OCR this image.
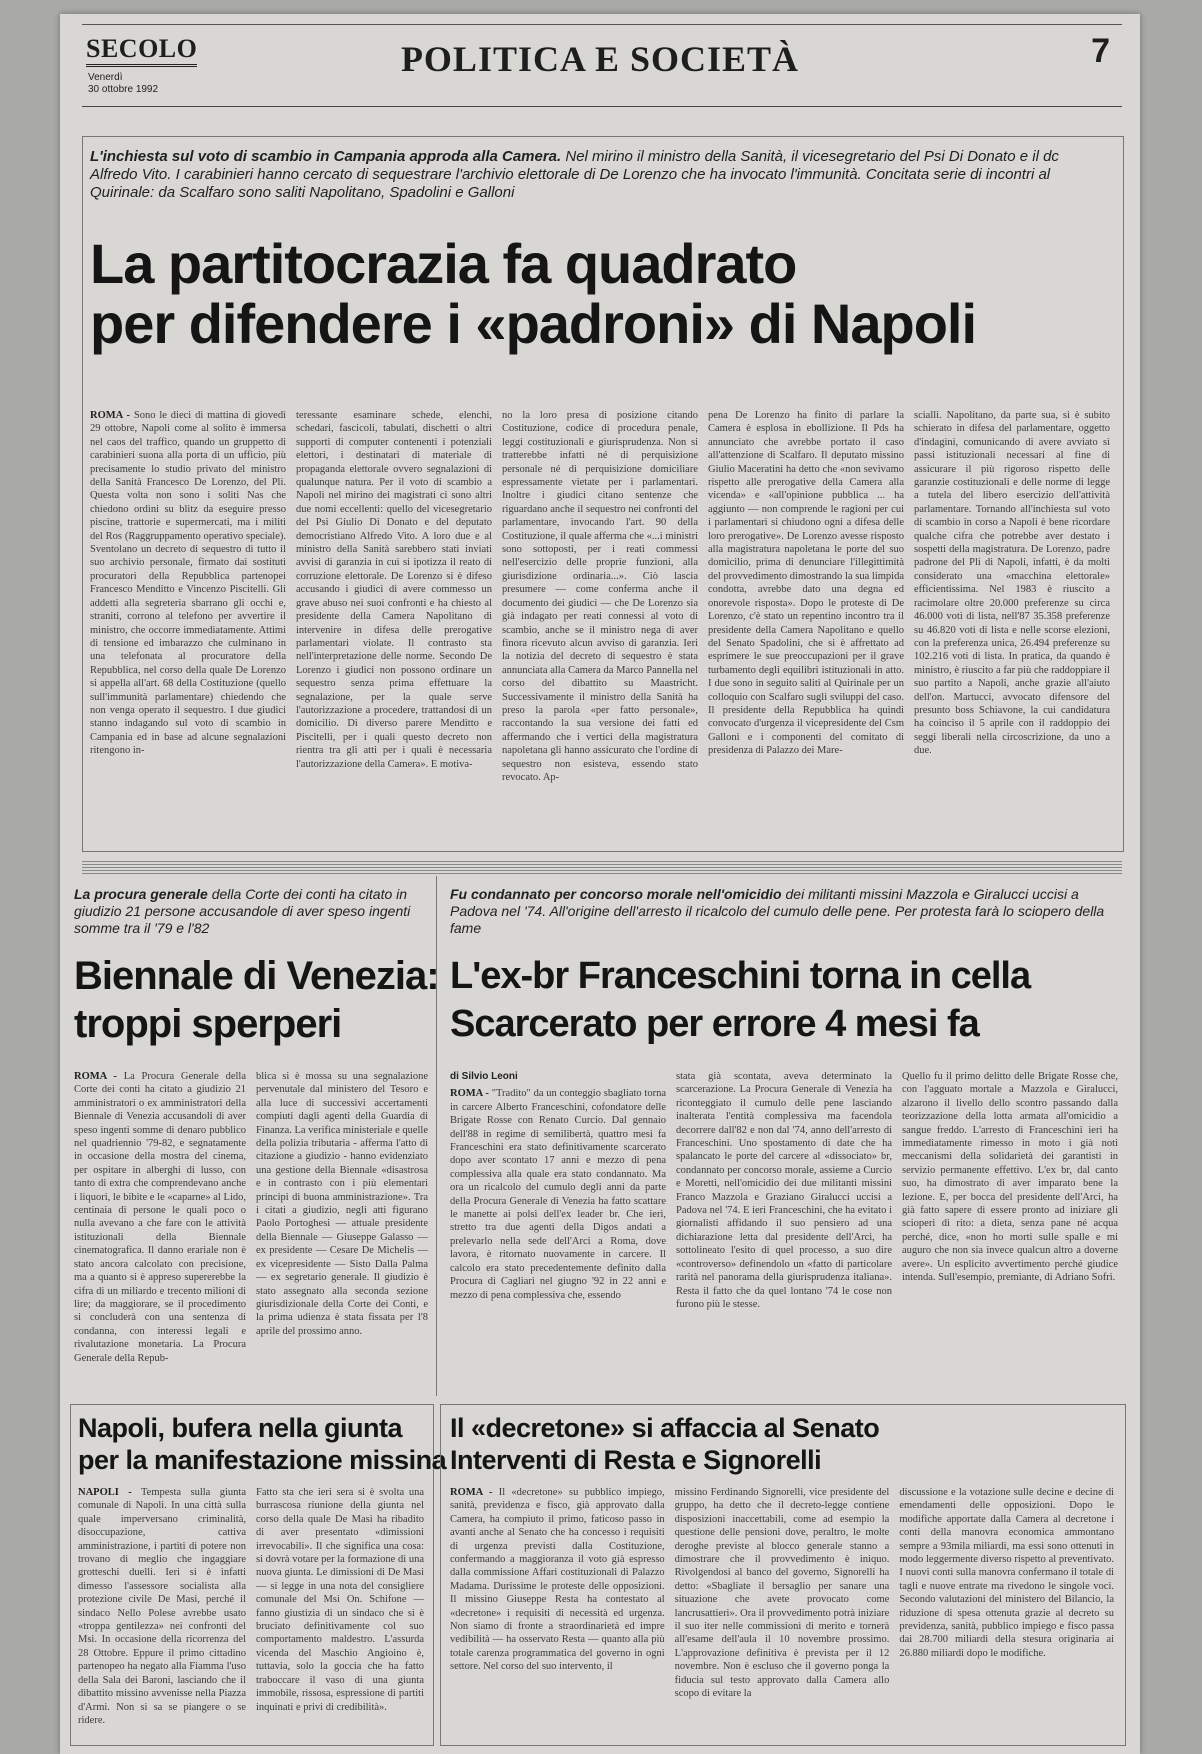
SECOLO
Venerdì
30 ottobre 1992
POLITICA E SOCIETÀ	7
L'inchiesta sul voto di scambio in Campania approda alla Camera. Nel mirino il ministro della Sanità, il vicesegretario del Psi Di Donato e il dc Alfredo Vito. I carabinieri hanno cercato di sequestrare l'archivio elettorale di De Lorenzo che ha invocato l'immunità. Concitata serie di incontri al Quirinale: da Scalfaro sono saliti Napolitano, Spadolini e Galloni
La partitocrazia fa quadrato
per difendere i «padroni» di Napoli
ROMA - Sono le dieci di mattina di giovedì 29 ottobre, Napoli come al solito è immersa nel caos del traffico, quando un gruppetto di carabinieri suona alla porta di un ufficio, più precisamente lo studio privato del ministro della Sanità Francesco De Lorenzo, del Pli. Questa volta non sono i soliti Nas che chiedono ordini su blitz da eseguire presso piscine, trattorie e supermercati, ma i militi del Ros (Raggruppamento operativo speciale). Sventolano un decreto di sequestro di tutto il suo archivio personale, firmato dai sostituti procuratori della Repubblica partenopei Francesco Menditto e Vincenzo Piscitelli. Gli addetti alla segreteria sbarrano gli occhi e, straniti, corrono al telefono per avvertire il ministro, che occorre immediatamente. Attimi di tensione ed imbarazzo che culminano in una telefonata al procuratore della Repubblica, nel corso della quale De Lorenzo si appella all'art. 68 della Costituzione (quello sull'immunità parlamentare) chiedendo che non venga operato il sequestro. I due giudici stanno indagando sul voto di scambio in Campania ed in base ad alcune segnalazioni ritengono in-
teressante esaminare schede, elenchi, schedari, fascicoli, tabulati, dischetti o altri supporti di computer contenenti i potenziali elettori, i destinatari di materiale di propaganda elettorale ovvero segnalazioni di qualunque natura. Per il voto di scambio a Napoli nel mirino dei magistrati ci sono altri due nomi eccellenti: quello del vicesegretario del Psi Giulio Di Donato e del deputato democristiano Alfredo Vito. A loro due e al ministro della Sanità sarebbero stati inviati avvisi di garanzia in cui si ipotizza il reato di corruzione elettorale. De Lorenzo si è difeso accusando i giudici di avere commesso un grave abuso nei suoi confronti e ha chiesto al presidente della Camera Napolitano di intervenire in difesa delle prerogative parlamentari violate. Il contrasto sta nell'interpretazione delle norme. Secondo De Lorenzo i giudici non possono ordinare un sequestro senza prima effettuare la segnalazione, per la quale serve l'autorizzazione a procedere, trattandosi di un domicilio. Di diverso parere Menditto e Piscitelli, per i quali questo decreto non rientra tra gli atti per i quali è necessaria l'autorizzazione della Camera». E motiva-
no la loro presa di posizione citando Costituzione, codice di procedura penale, leggi costituzionali e giurisprudenza. Non si tratterebbe infatti né di perquisizione personale né di perquisizione domiciliare espressamente vietate per i parlamentari. Inoltre i giudici citano sentenze che riguardano anche il sequestro nei confronti del parlamentare, invocando l'art. 90 della Costituzione, il quale afferma che «...i ministri sono sottoposti, per i reati commessi nell'esercizio delle proprie funzioni, alla giurisdizione ordinaria...». Ciò lascia presumere — come conferma anche il documento dei giudici — che De Lorenzo sia già indagato per reati connessi al voto di scambio, anche se il ministro nega di aver finora ricevuto alcun avviso di garanzia. Ieri la notizia del decreto di sequestro è stata annunciata alla Camera da Marco Pannella nel corso del dibattito su Maastricht. Successivamente il ministro della Sanità ha preso la parola «per fatto personale», raccontando la sua versione dei fatti ed affermando che i vertici della magistratura napoletana gli hanno assicurato che l'ordine di sequestro non esisteva, essendo stato revocato. Ap-
pena De Lorenzo ha finito di parlare la Camera è esplosa in ebollizione. Il Pds ha annunciato che avrebbe portato il caso all'attenzione di Scalfaro. Il deputato missino Giulio Maceratini ha detto che «non sevivamo rispetto alle prerogative della Camera alla vicenda» e «all'opinione pubblica ... ha aggiunto — non comprende le ragioni per cui i parlamentari si chiudono ogni a difesa delle loro prerogative». De Lorenzo avesse risposto alla magistratura napoletana le porte del suo domicilio, prima di denunciare l'illegittimità del provvedimento dimostrando la sua limpida condotta, avrebbe dato una degna ed onorevole risposta». Dopo le proteste di De Lorenzo, c'è stato un repentino incontro tra il presidente della Camera Napolitano e quello del Senato Spadolini, che si è affrettato ad esprimere le sue preoccupazioni per il grave turbamento degli equilibri istituzionali in atto. I due sono in seguito saliti al Quirinale per un colloquio con Scalfaro sugli sviluppi del caso. Il presidente della Repubblica ha quindi convocato d'urgenza il vicepresidente del Csm Galloni e i componenti del comitato di presidenza di Palazzo dei Mare-
scialli. Napolitano, da parte sua, si è subito schierato in difesa del parlamentare, oggetto d'indagini, comunicando di avere avviato sì passi istituzionali necessari al fine di assicurare il più rigoroso rispetto delle garanzie costituzionali e delle norme di legge a tutela del libero esercizio dell'attività parlamentare. Tornando all'inchiesta sul voto di scambio in corso a Napoli è bene ricordare qualche cifra che potrebbe aver destato i sospetti della magistratura. De Lorenzo, padre padrone del Pli di Napoli, infatti, è da molti considerato una «macchina elettorale» efficientissima. Nel 1983 è riuscito a racimolare oltre 20.000 preferenze su circa 46.000 voti di lista, nell'87 35.358 preferenze su 46.820 voti di lista e nelle scorse elezioni, con la preferenza unica, 26.494 preferenze su 102.216 voti di lista. In pratica, da quando è ministro, è riuscito a far più che raddoppiare il suo partito a Napoli, anche grazie all'aiuto dell'on. Martucci, avvocato difensore del presunto boss Schiavone, la cui candidatura ha coinciso il 5 aprile con il raddoppio dei seggi liberali nella circoscrizione, da uno a due.
La procura generale della Corte dei conti ha citato in giudizio 21 persone accusandole di aver speso ingenti somme tra il '79 e l'82
Biennale di Venezia:
troppi sperperi
ROMA - La Procura Generale della Corte dei conti ha citato a giudizio 21 amministratori o ex amministratori della Biennale di Venezia accusandoli di aver speso ingenti somme di denaro pubblico nel quadriennio '79-82, e segnatamente in occasione della mostra del cinema, per ospitare in alberghi di lusso, con tanto di extra che comprendevano anche i liquori, le bibite e le «caparne» al Lido, centinaia di persone le quali poco o nulla avevano a che fare con le attività istituzionali della Biennale cinematografica. Il danno erariale non è stato ancora calcolato con precisione, ma a quanto si è appreso supererebbe la cifra di un miliardo e trecento milioni di lire; da maggiorare, se il procedimento si concluderà con una sentenza di condanna, con interessi legali e rivalutazione monetaria. La Procura Generale della Repub-
blica si è mossa su una segnalazione pervenutale dal ministero del Tesoro e alla luce di successivi accertamenti compiuti dagli agenti della Guardia di Finanza. La verifica ministeriale e quelle della polizia tributaria - afferma l'atto di citazione a giudizio - hanno evidenziato una gestione della Biennale «disastrosa e in contrasto con i più elementari principi di buona amministrazione». Tra i citati a giudizio, negli atti figurano Paolo Portoghesi — attuale presidente della Biennale — Giuseppe Galasso — ex presidente — Cesare De Michelis — ex vicepresidente — Sisto Dalla Palma — ex segretario generale. Il giudizio è stato assegnato alla seconda sezione giurisdizionale della Corte dei Conti, e la prima udienza è stata fissata per l'8 aprile del prossimo anno.
Fu condannato per concorso morale nell'omicidio dei militanti missini Mazzola e Giralucci uccisi a Padova nel '74. All'origine dell'arresto il ricalcolo del cumulo delle pene. Per protesta farà lo sciopero della fame
L'ex-br Franceschini torna in cella
Scarcerato per errore 4 mesi fa
di Silvio Leoni
ROMA - "Tradito" da un conteggio sbagliato torna in carcere Alberto Franceschini, cofondatore delle Brigate Rosse con Renato Curcio. Dal gennaio dell'88 in regime di semilibertà, quattro mesi fa Franceschini era stato definitivamente scarcerato dopo aver scontato 17 anni e mezzo di pena complessiva alla quale era stato condannato. Ma ora un ricalcolo del cumulo degli anni da parte della Procura Generale di Venezia ha fatto scattare le manette ai polsi dell'ex leader br. Che ieri, stretto tra due agenti della Digos andati a prelevarlo nella sede dell'Arci a Roma, dove lavora, è ritornato nuovamente in carcere. Il calcolo era stato precedentemente definito dalla Procura di Cagliari nel giugno '92 in 22 anni e mezzo di pena complessiva che, essendo
stata già scontata, aveva determinato la scarcerazione. La Procura Generale di Venezia ha riconteggiato il cumulo delle pene lasciando inalterata l'entità complessiva ma facendola decorrere dall'82 e non dal '74, anno dell'arresto di Franceschini. Uno spostamento di date che ha spalancato le porte del carcere al «dissociato» br, condannato per concorso morale, assieme a Curcio e Moretti, nell'omicidio dei due militanti missini Franco Mazzola e Graziano Giralucci uccisi a Padova nel '74. E ieri Franceschini, che ha evitato i giornalisti affidando il suo pensiero ad una dichiarazione letta dal presidente dell'Arci, ha sottolineato l'esito di quel processo, a suo dire «controverso» definendolo un «fatto di particolare rarità nel panorama della giurisprudenza italiana». Resta il fatto che da quel lontano '74 le cose non furono più le stesse.
Quello fu il primo delitto delle Brigate Rosse che, con l'agguato mortale a Mazzola e Giralucci, alzarono il livello dello scontro passando dalla teorizzazione della lotta armata all'omicidio a sangue freddo. L'arresto di Franceschini ieri ha immediatamente rimesso in moto i già noti meccanismi della solidarietà dei garantisti in servizio permanente effettivo. L'ex br, dal canto suo, ha dimostrato di aver imparato bene la lezione. E, per bocca del presidente dell'Arci, ha già fatto sapere di essere pronto ad iniziare gli scioperi di rito: a dieta, senza pane né acqua perché, dice, «non ho morti sulle spalle e mi auguro che non sia invece qualcun altro a doverne avere». Un esplicito avvertimento perché giudice intenda. Sull'esempio, premiante, di Adriano Sofri.
Napoli, bufera nella giunta
per la manifestazione missina
NAPOLI - Tempesta sulla giunta comunale di Napoli. In una città sulla quale imperversano criminalità, disoccupazione, cattiva amministrazione, i partiti di potere non trovano di meglio che ingaggiare grotteschi duelli. Ieri si è infatti dimesso l'assessore socialista alla protezione civile De Masi, perché il sindaco Nello Polese avrebbe usato «troppa gentilezza» nei confronti del Msi. In occasione della ricorrenza del 28 Ottobre. Eppure il primo cittadino partenopeo ha negato alla Fiamma l'uso della Sala dei Baroni, lasciando che il dibattito missino avvenisse nella Piazza d'Armi. Non si sa se piangere o se ridere.
Fatto sta che ieri sera si è svolta una burrascosa riunione della giunta nel corso della quale De Masi ha ribadito di aver presentato «dimissioni irrevocabili». Il che significa una cosa: si dovrà votare per la formazione di una nuova giunta. Le dimissioni di De Masi — si legge in una nota del consigliere comunale del Msi On. Schifone — fanno giustizia di un sindaco che si è bruciato definitivamente col suo comportamento maldestro. L'assurda vicenda del Maschio Angioino è, tuttavia, solo la goccia che ha fatto traboccare il vaso di una giunta immobile, rissosa, espressione di partiti inquinati e privi di credibilità».
Il «decretone» si affaccia al Senato
Interventi di Resta e Signorelli
ROMA - Il «decretone» su pubblico impiego, sanità, previdenza e fisco, già approvato dalla Camera, ha compiuto il primo, faticoso passo in avanti anche al Senato che ha concesso i requisiti di urgenza previsti dalla Costituzione, confermando a maggioranza il voto già espresso dalla commissione Affari costituzionali di Palazzo Madama. Durissime le proteste delle opposizioni. Il missino Giuseppe Resta ha contestato al «decretone» i requisiti di necessità ed urgenza. Non siamo di fronte a straordinarietà ed impre vedibilità — ha osservato Resta — quanto alla più totale carenza programmatica del governo in ogni settore. Nel corso del suo intervento, il
missino Ferdinando Signorelli, vice presidente del gruppo, ha detto che il decreto-legge contiene disposizioni inaccettabili, come ad esempio la questione delle pensioni dove, peraltro, le molte deroghe previste al blocco generale stanno a dimostrare che il provvedimento è iniquo. Rivolgendosi al banco del governo, Signorelli ha detto: «Sbagliate il bersaglio per sanare una situazione che avete provocato come lancrusattieri». Ora il provvedimento potrà iniziare il suo iter nelle commissioni di merito e tornerà all'esame dell'aula il 10 novembre prossimo. L'approvazione definitiva è prevista per il 12 novembre. Non è escluso che il governo ponga la fiducia sul testo approvato dalla Camera allo scopo di evitare la
discussione e la votazione sulle decine e decine di emendamenti delle opposizioni. Dopo le modifiche apportate dalla Camera al decretone i conti della manovra economica ammontano sempre a 93mila miliardi, ma essi sono ottenuti in modo leggermente diverso rispetto al preventivato. I nuovi conti sulla manovra confermano il totale di tagli e nuove entrate ma rivedono le singole voci. Secondo valutazioni del ministero del Bilancio, la riduzione di spesa ottenuta grazie al decreto su previdenza, sanità, pubblico impiego e fisco passa dai 28.700 miliardi della stesura originaria ai 26.880 miliardi dopo le modifiche.
